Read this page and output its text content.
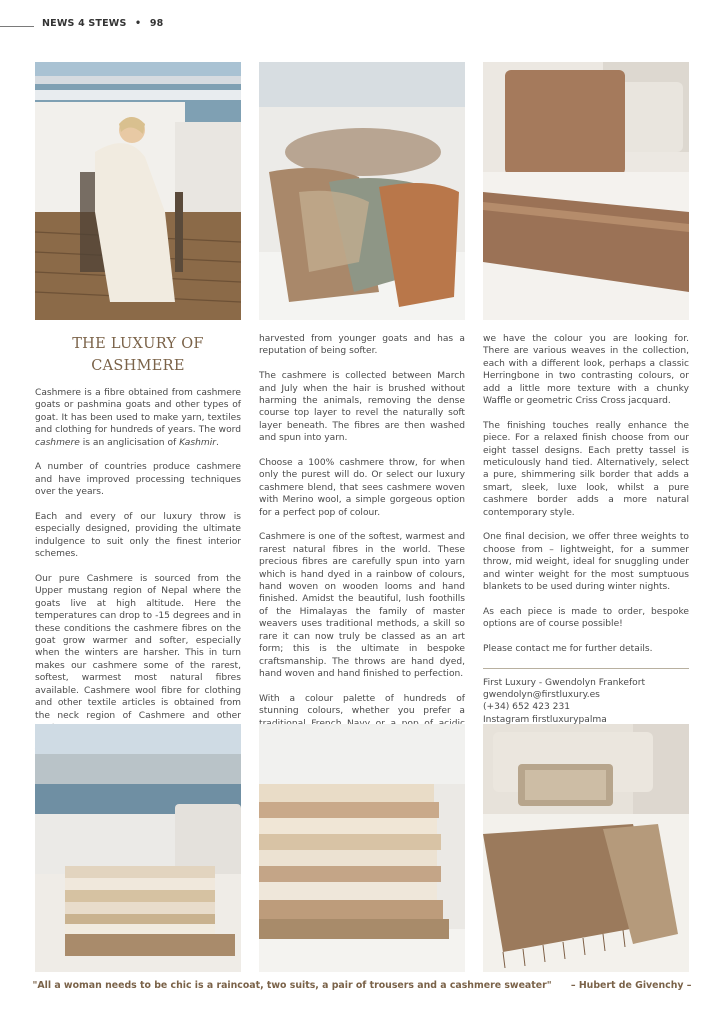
NEWS 4 STEWS • 98
THE LUXURY OF
CASHMERE

Cashmere is a fibre obtained from cashmere goats or pashmina goats and other types of goat. It has been used to make yarn, textiles and clothing for hundreds of years. The word cashmere is an anglicisation of Kashmir.

A number of countries produce cashmere and have improved processing techniques over the years.

Each and every of our luxury throw is especially designed, providing the ultimate indulgence to suit only the finest interior schemes.

Our pure Cashmere is sourced from the Upper mustang region of Nepal where the goats live at high altitude. Here the temperatures can drop to -15 degrees and in these conditions the cashmere fibres on the goat grow warmer and softer, especially when the winters are harsher. This in turn makes our cashmere some of the rarest, softest, warmest most natural fibres available. Cashmere wool fibre for clothing and other textile articles is obtained from the neck region of Cashmere and other

harvested from younger goats and has a reputation of being softer.

The cashmere is collected between March and July when the hair is brushed without harming the animals, removing the dense course top layer to revel the naturally soft layer beneath. The fibres are then washed and spun into yarn.

Choose a 100% cashmere throw, for when only the purest will do. Or select our luxury cashmere blend, that sees cashmere woven with Merino wool, a simple gorgeous option for a perfect pop of colour.

Cashmere is one of the softest, warmest and rarest natural fibres in the world. These precious fibres are carefully spun into yarn which is hand dyed in a rainbow of colours, hand woven on wooden looms and hand finished. Amidst the beautiful, lush foothills of the Himalayas the family of master weavers uses traditional methods, a skill so rare it can now truly be classed as an art form; this is the ultimate in bespoke craftsmanship. The throws are hand dyed, hand woven and hand finished to perfection.

With a colour palette of hundreds of stunning colours, whether you prefer a

we have the colour you are looking for. There are various weaves in the collection, each with a different look, perhaps a classic Herringbone in two contrasting colours, or add a little more texture with a chunky Waffle or geometric Criss Cross jacquard.

The finishing touches really enhance the piece. For a relaxed finish choose from our eight tassel designs. Each pretty tassel is meticulously hand tied. Alternatively, select a pure, shimmering silk border that adds a smart, sleek, luxe look, whilst a pure cashmere border adds a more natural contemporary style.

One final decision, we offer three weights to choose from – lightweight, for a summer throw, mid weight, ideal for snuggling under and winter weight for the most sumptuous blankets to be used during winter nights.

As each piece is made to order, bespoke options are of course possible!

Please contact me for further details.

First Luxury - Gwendolyn Frankefort
gwendolyn@firstluxury.es
(+34) 652 423 231
Instagram firstluxurypalma
"All a woman needs to be chic is a raincoat, two suits, a pair of trousers and a cashmere sweater" – Hubert de Givenchy –
